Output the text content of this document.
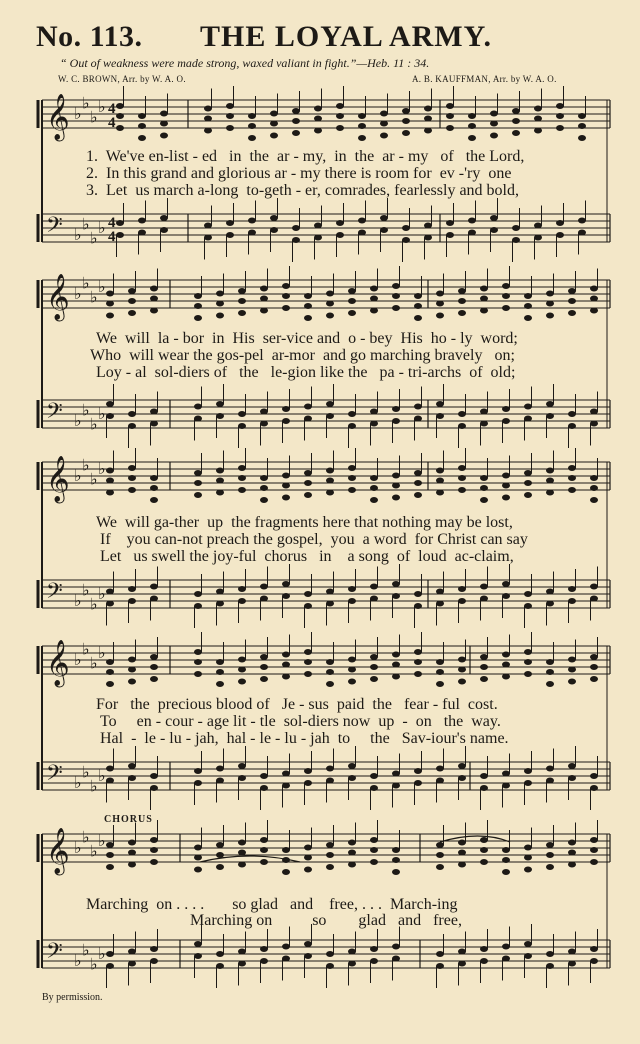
No. 113. THE LOYAL ARMY.
“ Out of weakness were made strong, waxed valiant in fight.”—Heb. 11 : 34.
W. C. BROWN, Arr. by W. A. O.	A. B. KAUFFMAN, Arr. by W. A. O.
𝄞 ♭
♭
♭
♭ 4
4
𝄢 ♭
♭
♭
♭ 4
4
𝄞 ♭
♭
♭
♭
𝄢 ♭
♭
♭
♭
𝄞 ♭
♭
♭
♭
𝄢 ♭
♭
♭
♭
𝄞 ♭
♭
♭
♭
𝄢 ♭
♭
♭
♭
𝄞 ♭
♭
♭
♭
𝄢 ♭
♭
♭
♭
1.  We've en-list - ed   in  the  ar - my,  in  the  ar - my   of   the Lord,
2.  In this grand and glorious ar - my there is room for  ev -'ry  one
3.  Let  us march a-long  to-geth - er, comrades, fearlessly and bold,
We  will  la - bor  in  His  ser-vice and  o - bey  His  ho - ly  word;
Who  will wear the gos-pel  ar-mor  and go marching bravely   on;
Loy - al  sol-diers of   the   le-gion like the   pa - tri-archs  of  old;
We  will ga-ther  up  the fragments here that nothing may be lost,
If    you can-not preach the gospel,  you  a word  for Christ can say
Let   us swell the joy-ful  chorus   in    a song  of  loud  ac-claim,
For   the  precious blood of   Je - sus  paid  the   fear - ful  cost.
To     en - cour - age lit - tle  sol-diers now  up  -  on   the  way.
Hal  -  le - lu - jah,  hal - le - lu - jah  to     the   Sav-iour's name.
CHORUS
Marching  on . . . .       so glad   and    free, . . .  March-ing
Marching on          so        glad   and   free,
By permission.
